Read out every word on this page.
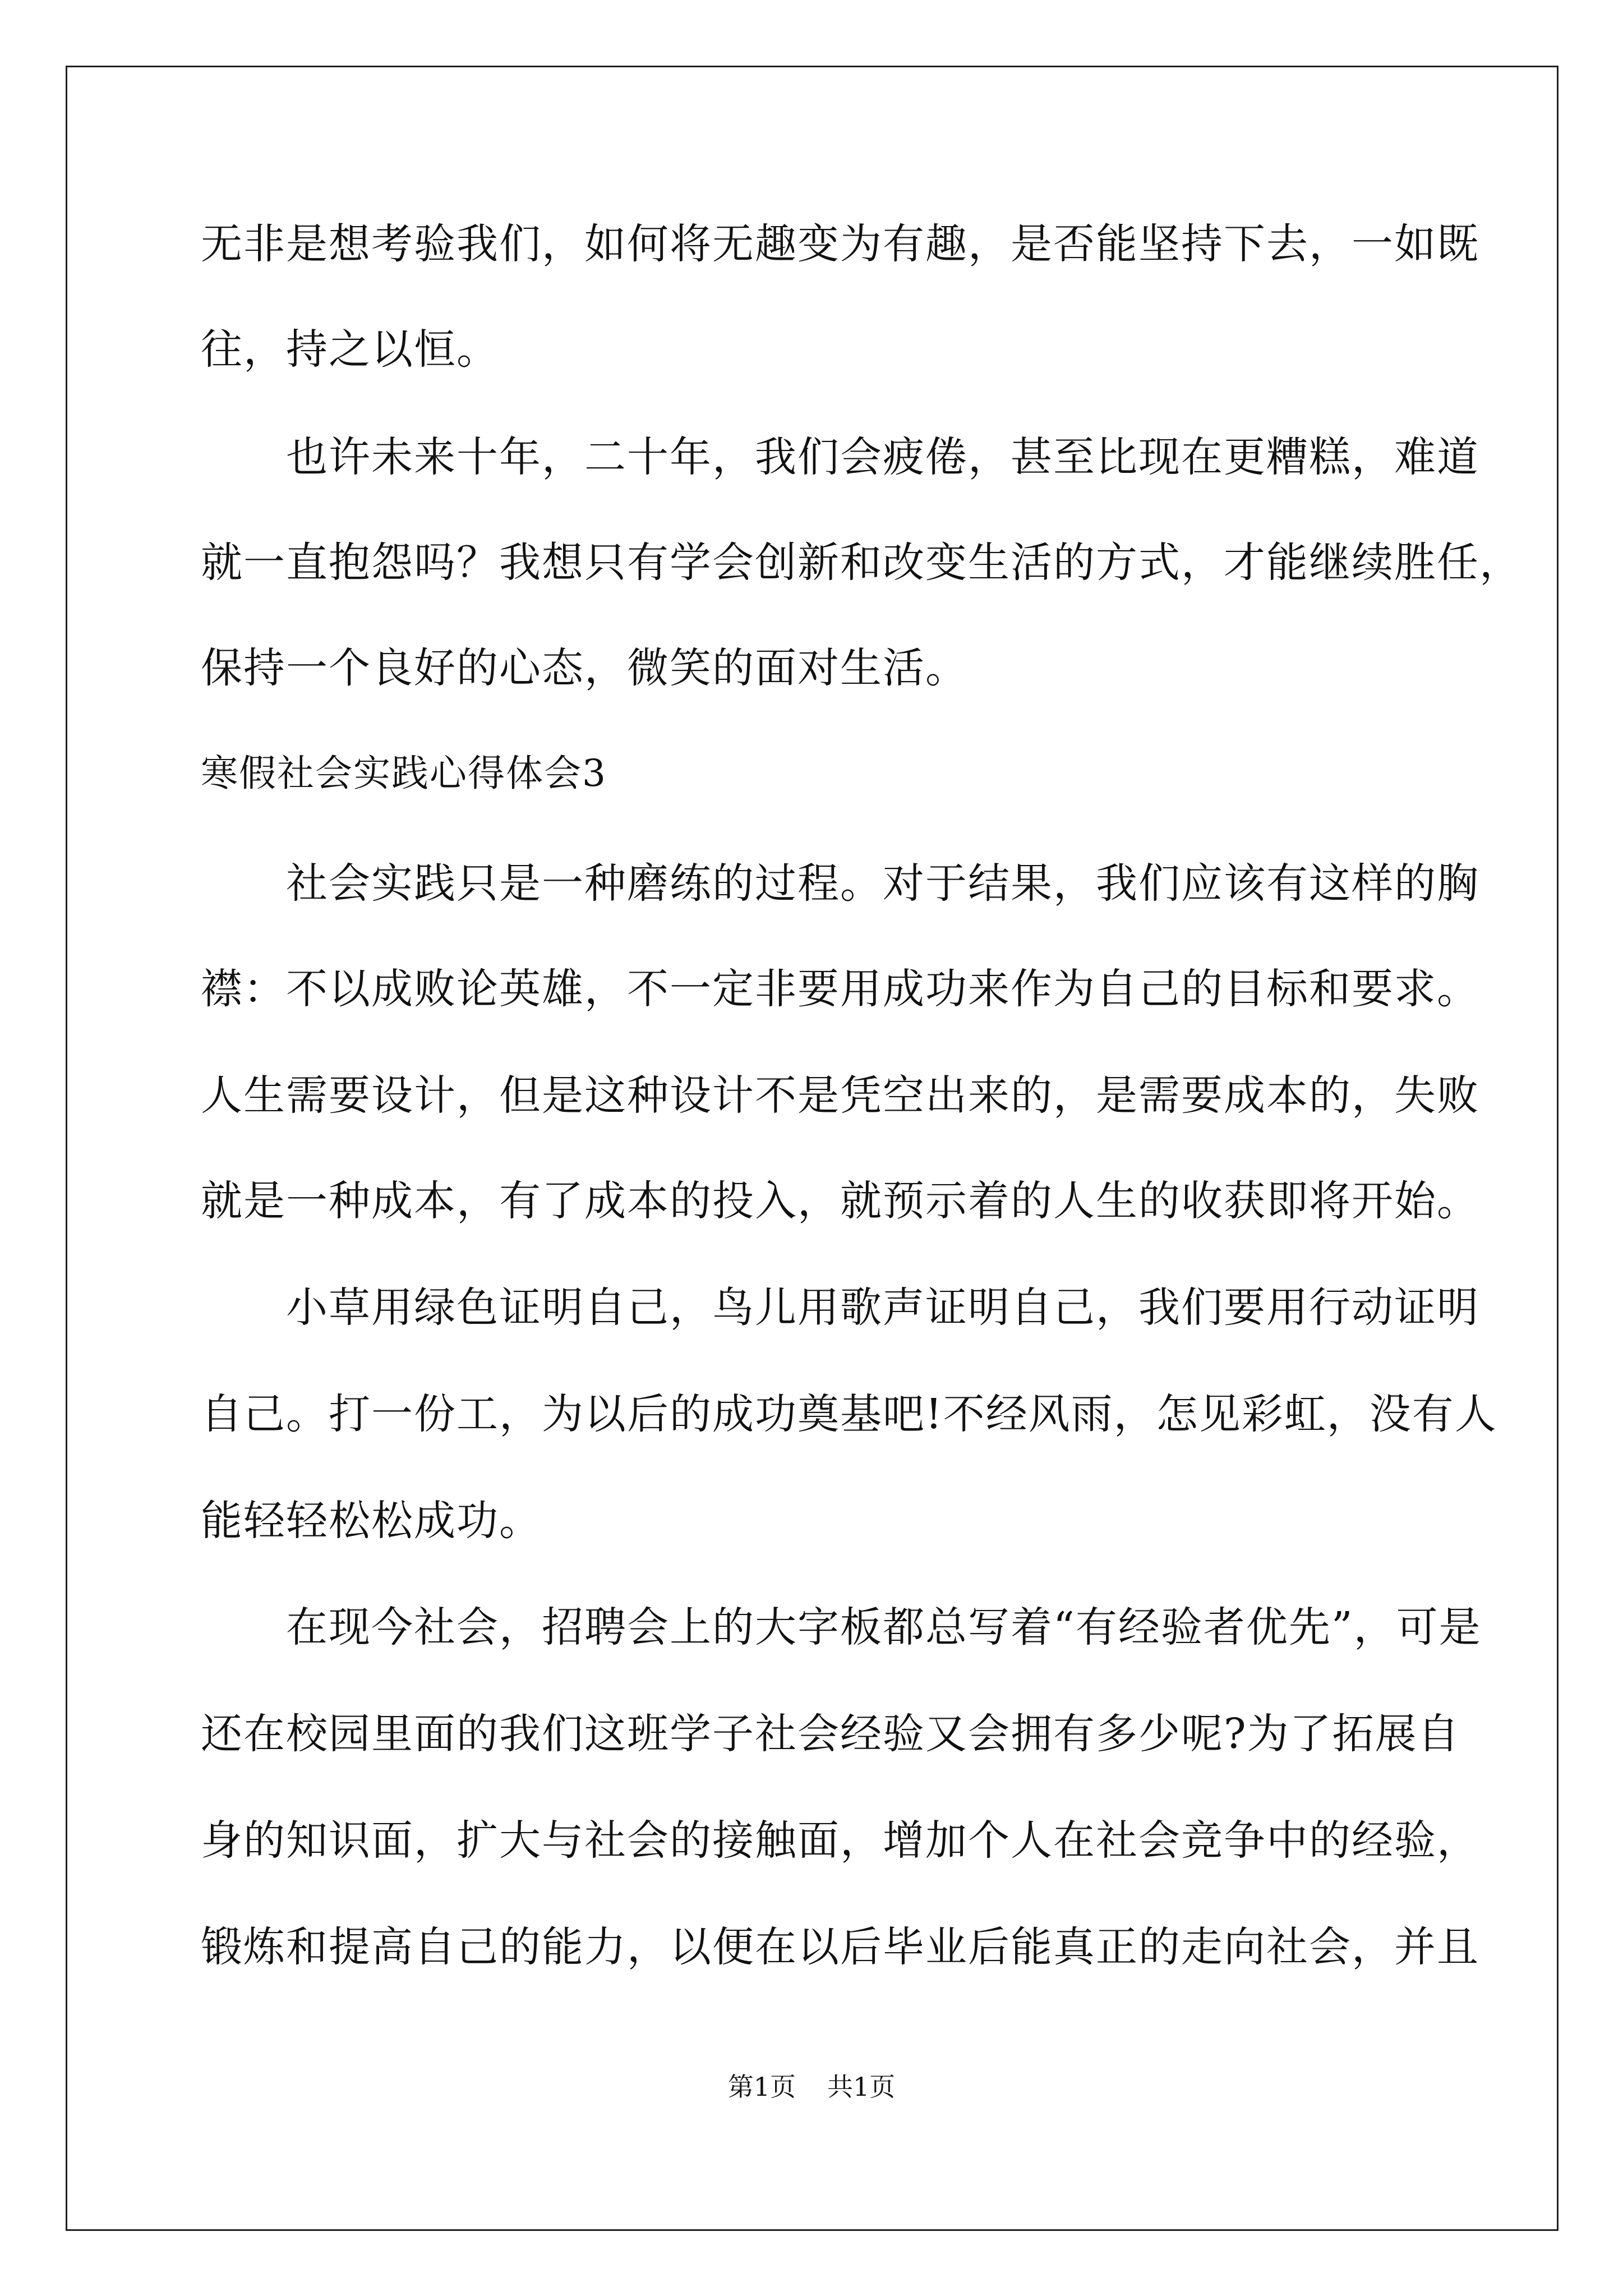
无非是想考验我们，如何将无趣变为有趣，是否能坚持下去，一如既
往，持之以恒。
　　也许未来十年，二十年，我们会疲倦，甚至比现在更糟糕，难道
就一直抱怨吗？我想只有学会创新和改变生活的方式，才能继续胜任，
保持一个良好的心态，微笑的面对生活。
寒假社会实践心得体会3
　　社会实践只是一种磨练的过程。对于结果，我们应该有这样的胸
襟：不以成败论英雄，不一定非要用成功来作为自己的目标和要求。
人生需要设计，但是这种设计不是凭空出来的，是需要成本的，失败
就是一种成本，有了成本的投入，就预示着的人生的收获即将开始。
　　小草用绿色证明自己，鸟儿用歌声证明自己，我们要用行动证明
自己。打一份工，为以后的成功奠基吧!不经风雨，怎见彩虹，没有人
能轻轻松松成功。
　　在现今社会，招聘会上的大字板都总写着“有经验者优先”，可是
还在校园里面的我们这班学子社会经验又会拥有多少呢?为了拓展自
身的知识面，扩大与社会的接触面，增加个人在社会竞争中的经验，
锻炼和提高自己的能力，以便在以后毕业后能真正的走向社会，并且
第1页 共1页
